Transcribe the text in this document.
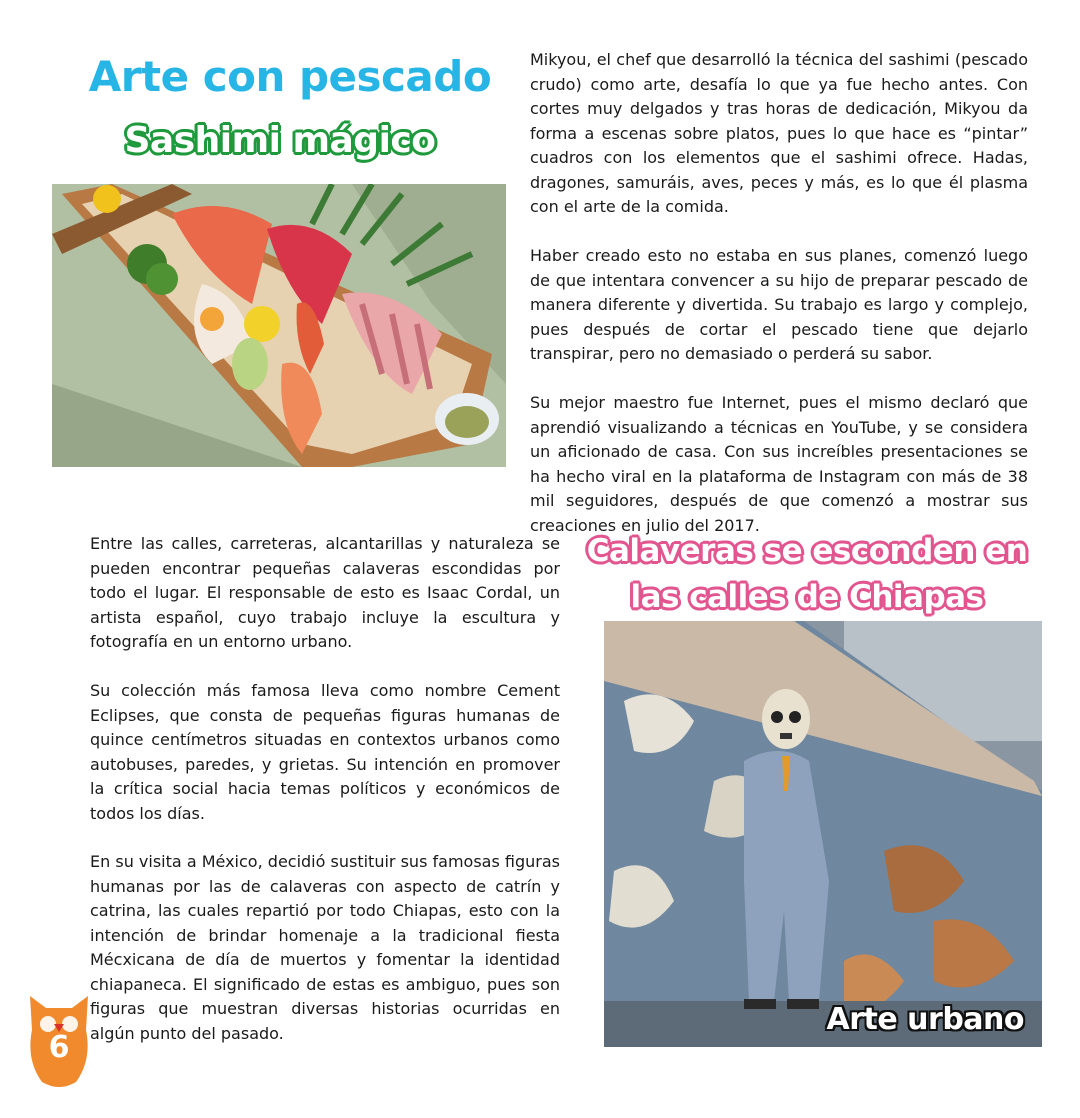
Arte con pescado
Sashimi mágico

Mikyou, el chef que desarrolló la técnica del sashimi (pescado crudo) como arte, desafía lo que ya fue hecho antes. Con cortes muy delgados y tras horas de dedicación, Mikyou da forma a escenas sobre platos, pues lo que hace es “pintar” cuadros con los elementos que el sashimi ofrece. Hadas, dragones, samuráis, aves, peces y más, es lo que él plasma con el arte de la comida.

Haber creado esto no estaba en sus planes, comenzó luego de que intentara convencer a su hijo de preparar pescado de manera diferente y divertida. Su trabajo es largo y complejo, pues después de cortar el pescado tiene que dejarlo transpirar, pero no demasiado o perderá su sabor.

Su mejor maestro fue Internet, pues el mismo declaró que aprendió visualizando a técnicas en YouTube, y se considera un aficionado de casa. Con sus increíbles presentaciones se ha hecho viral en la plataforma de Instagram con más de 38 mil seguidores, después de que comenzó a mostrar sus creaciones en julio del 2017.

Calaveras se esconden en las calles de Chiapas

Entre las calles, carreteras, alcantarillas y naturaleza se pueden encontrar pequeñas calaveras escondidas por todo el lugar. El responsable de esto es Isaac Cordal, un artista español, cuyo trabajo incluye la escultura y fotografía en un entorno urbano.

Su colección más famosa lleva como nombre Cement Eclipses, que consta de pequeñas figuras humanas de quince centímetros situadas en contextos urbanos como autobuses, paredes, y grietas. Su intención en promover la crítica social hacia temas políticos y económicos de todos los días.

En su visita a México, decidió sustituir sus famosas figuras humanas por las de calaveras con aspecto de catrín y catrina, las cuales repartió por todo Chiapas, esto con la intención de brindar homenaje a la tradicional fiesta Mécxicana de día de muertos y fomentar la identidad chiapaneca. El significado de estas es ambiguo, pues son figuras que muestran diversas historias ocurridas en algún punto del pasado.	Arte urbano

6
